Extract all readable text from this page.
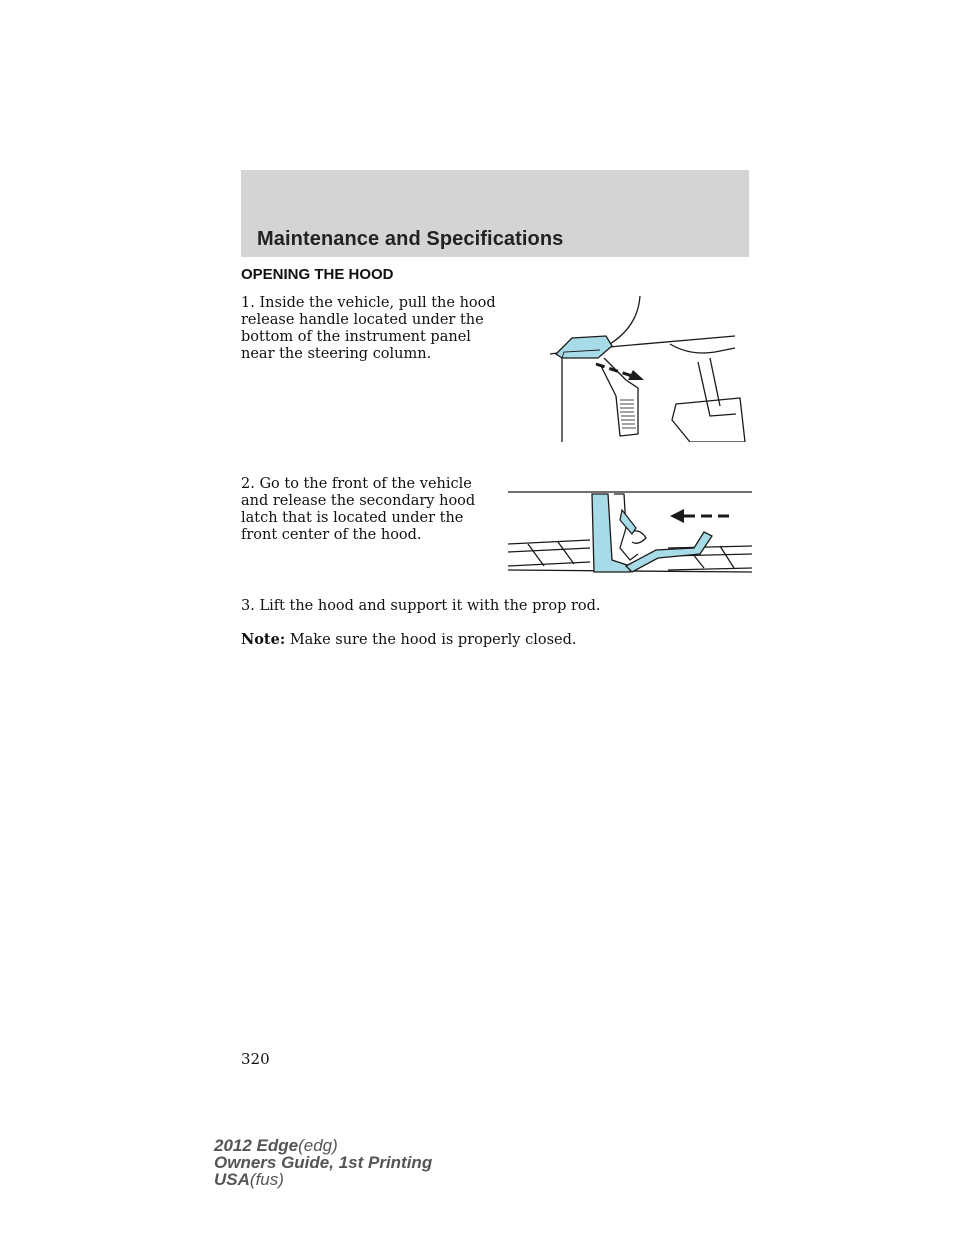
Maintenance and Specifications
OPENING THE HOOD

1. Inside the vehicle, pull the hood release handle located under the bottom of the instrument panel near the steering column.

2. Go to the front of the vehicle and release the secondary hood latch that is located under the front center of the hood.

3. Lift the hood and support it with the prop rod.

Note: Make sure the hood is properly closed.

320

2012 Edge(edg)
Owners Guide, 1st Printing
USA(fus)
